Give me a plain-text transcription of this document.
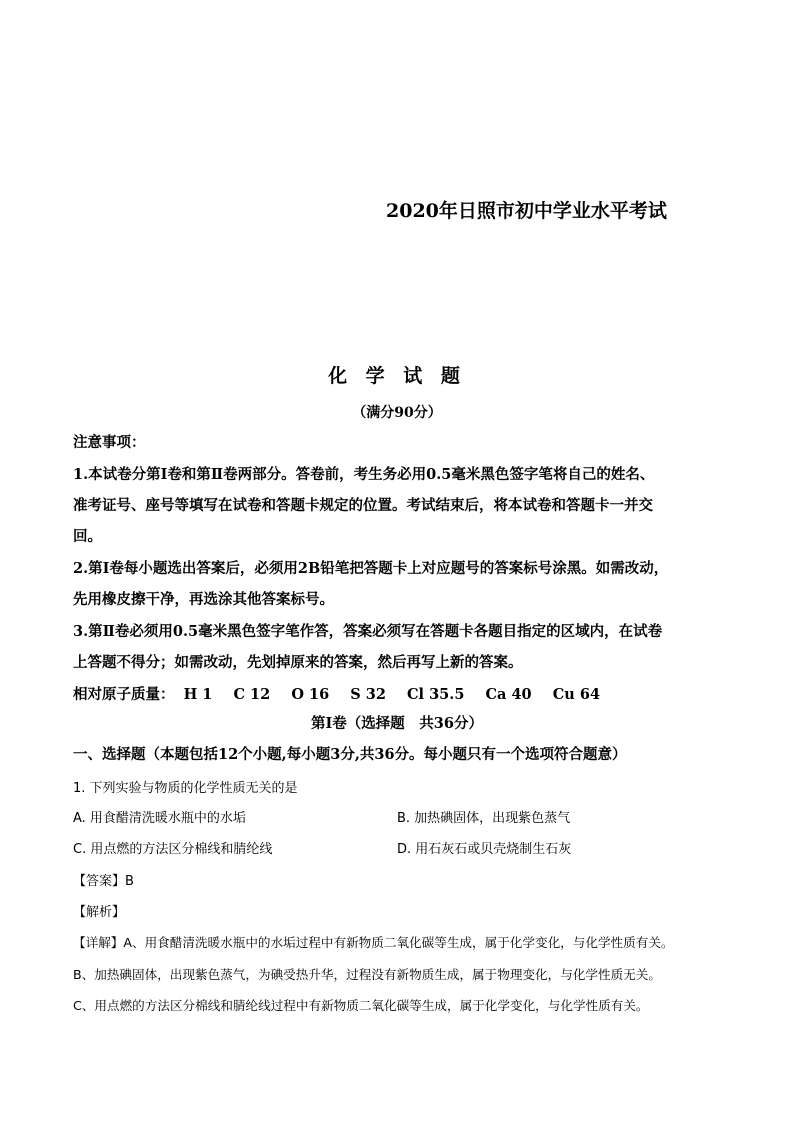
2020年日照市初中学业水平考试
化 学 试 题
（满分90分）
注意事项：
1.本试卷分第Ⅰ卷和第Ⅱ卷两部分。答卷前，考生务必用0.5毫米黑色签字笔将自己的姓名、
准考证号、座号等填写在试卷和答题卡规定的位置。考试结束后，将本试卷和答题卡一并交
回。
2.第Ⅰ卷每小题选出答案后，必须用2B铅笔把答题卡上对应题号的答案标号涂黑。如需改动，
先用橡皮擦干净，再选涂其他答案标号。
3.第Ⅱ卷必须用0.5毫米黑色签字笔作答，答案必须写在答题卡各题目指定的区域内，在试卷
上答题不得分；如需改动，先划掉原来的答案，然后再写上新的答案。
相对原子质量： H 1 C 12 O 16 S 32 Cl 35.5 Ca 40 Cu 64
第Ⅰ卷（选择题　共36分）
一、选择题（本题包括12个小题,每小题3分,共36分。每小题只有一个选项符合题意）
1. 下列实验与物质的化学性质无关的是
A. 用食醋清洗暖水瓶中的水垢	B. 加热碘固体，出现紫色蒸气
C. 用点燃的方法区分棉线和腈纶线	D. 用石灰石或贝壳烧制生石灰
【答案】B
【解析】
【详解】A、用食醋清洗暖水瓶中的水垢过程中有新物质二氧化碳等生成，属于化学变化，与化学性质有关。
B、加热碘固体，出现紫色蒸气，为碘受热升华，过程没有新物质生成，属于物理变化，与化学性质无关。
C、用点燃的方法区分棉线和腈纶线过程中有新物质二氧化碳等生成，属于化学变化，与化学性质有关。
